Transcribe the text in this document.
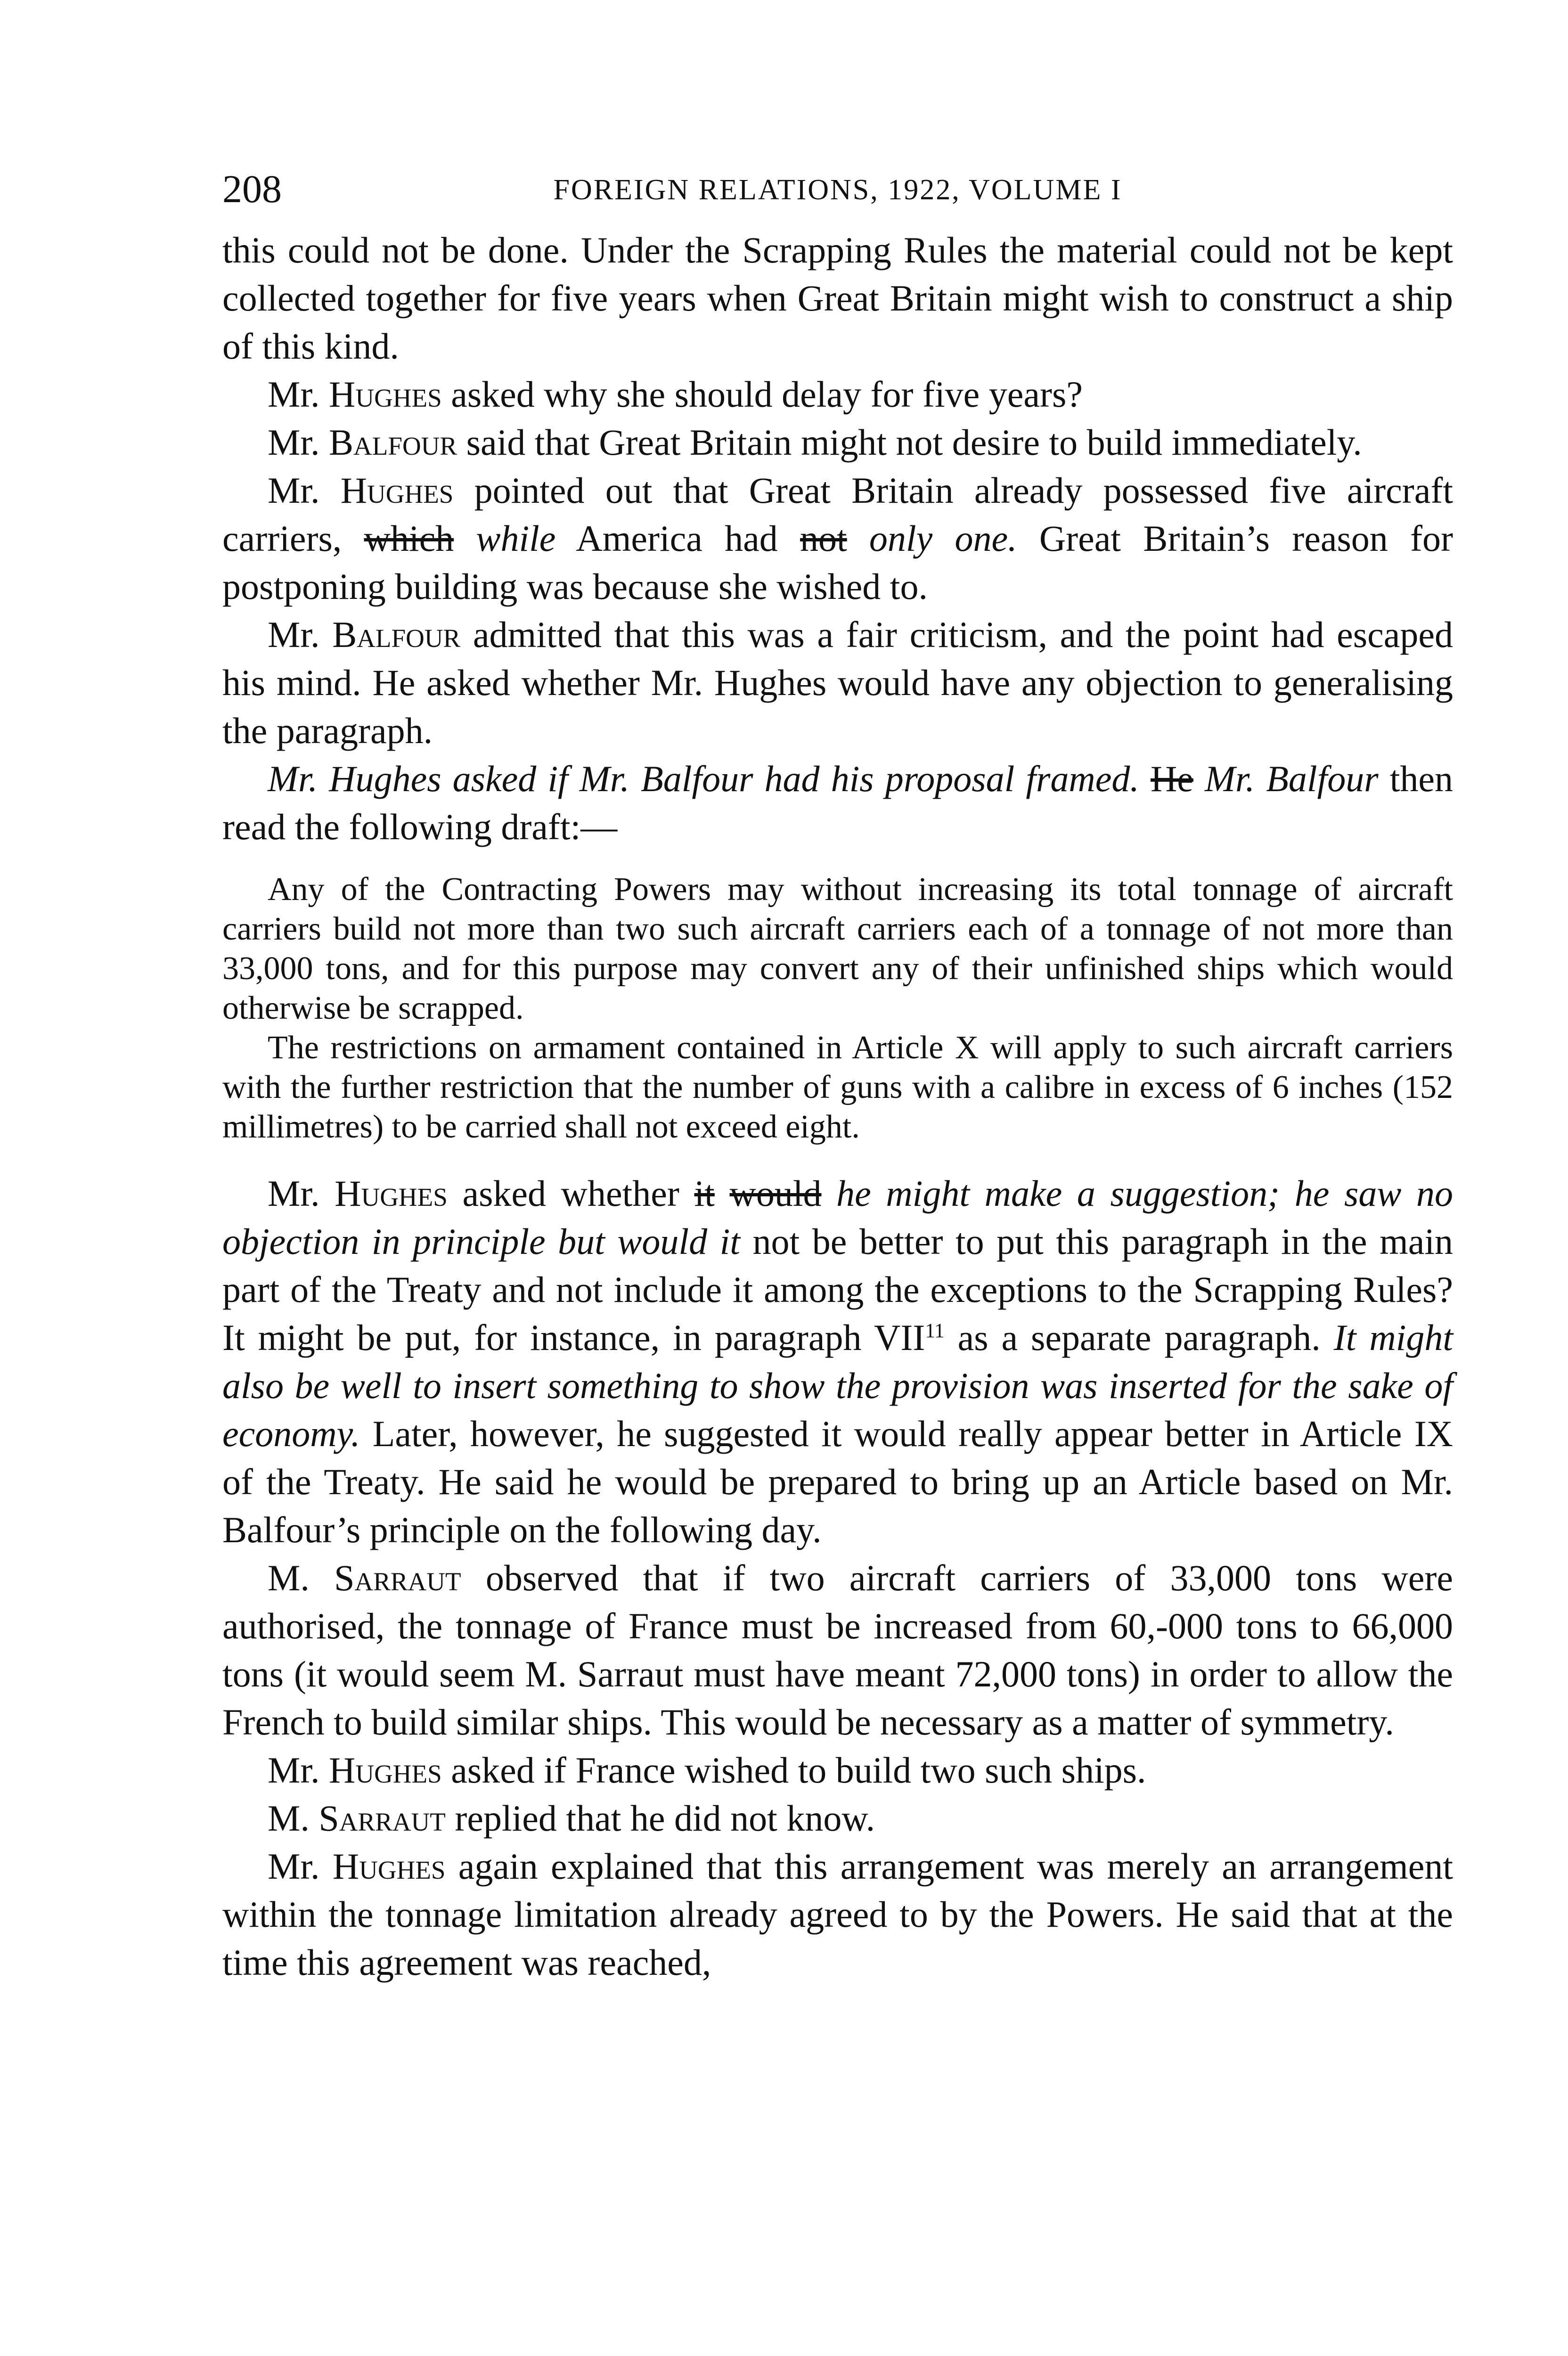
208	FOREIGN RELATIONS, 1922, VOLUME I

this could not be done. Under the Scrapping Rules the material could not be kept collected together for five years when Great Britain might wish to construct a ship of this kind.

Mr. Hughes asked why she should delay for five years?

Mr. Balfour said that Great Britain might not desire to build immediately.

Mr. Hughes pointed out that Great Britain already possessed five aircraft carriers, which while America had not only one. Great Britain’s reason for postponing building was because she wished to.

Mr. Balfour admitted that this was a fair criticism, and the point had escaped his mind. He asked whether Mr. Hughes would have any objection to generalising the paragraph.

Mr. Hughes asked if Mr. Balfour had his proposal framed. He Mr. Balfour then read the following draft:—

Any of the Contracting Powers may without increasing its total tonnage of aircraft carriers build not more than two such aircraft carriers each of a tonnage of not more than 33,000 tons, and for this purpose may convert any of their unfinished ships which would otherwise be scrapped.

The restrictions on armament contained in Article X will apply to such aircraft carriers with the further restriction that the number of guns with a calibre in excess of 6 inches (152 millimetres) to be carried shall not exceed eight.

Mr. Hughes asked whether it would he might make a suggestion; he saw no objection in principle but would it not be better to put this paragraph in the main part of the Treaty and not include it among the exceptions to the Scrapping Rules? It might be put, for instance, in paragraph VII$^{11}$ as a separate paragraph. It might also be well to insert something to show the provision was inserted for the sake of economy. Later, however, he suggested it would really appear better in Article IX of the Treaty. He said he would be prepared to bring up an Article based on Mr. Balfour’s principle on the following day.

M. Sarraut observed that if two aircraft carriers of 33,000 tons were authorised, the tonnage of France must be increased from 60,-000 tons to 66,000 tons (it would seem M. Sarraut must have meant 72,000 tons) in order to allow the French to build similar ships. This would be necessary as a matter of symmetry.

Mr. Hughes asked if France wished to build two such ships.

M. Sarraut replied that he did not know.

Mr. Hughes again explained that this arrangement was merely an arrangement within the tonnage limitation already agreed to by the Powers. He said that at the time this agreement was reached,
